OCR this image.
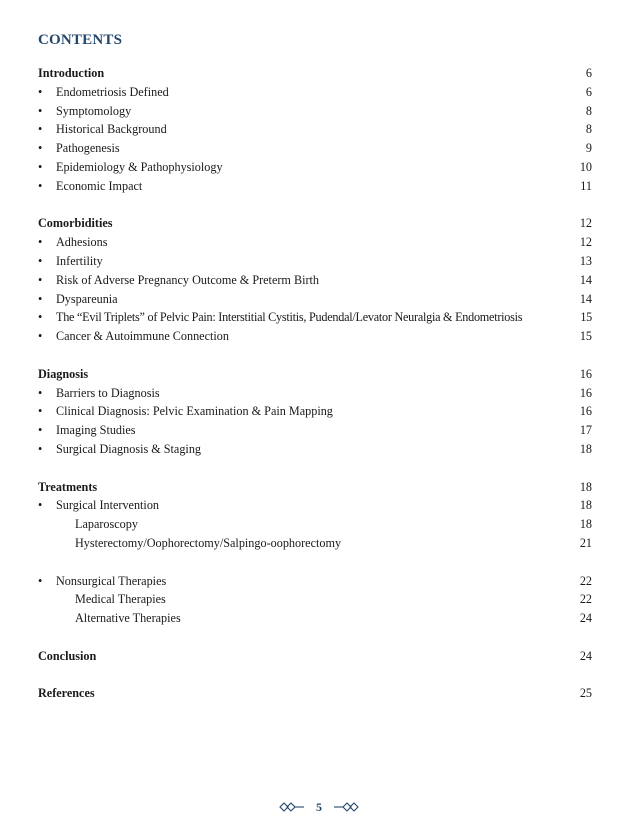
CONTENTS
Introduction	6
• Endometriosis Defined	6
• Symptomology	8
• Historical Background	8
• Pathogenesis	9
• Epidemiology & Pathophysiology	10
• Economic Impact	11
Comorbidities	12
• Adhesions	12
• Infertility	13
• Risk of Adverse Pregnancy Outcome & Preterm Birth	14
• Dyspareunia	14
• The “Evil Triplets” of Pelvic Pain: Interstitial Cystitis, Pudendal/Levator Neuralgia & Endometriosis	15
• Cancer & Autoimmune Connection	15
Diagnosis	16
• Barriers to Diagnosis	16
• Clinical Diagnosis: Pelvic Examination & Pain Mapping	16
• Imaging Studies	17
• Surgical Diagnosis & Staging	18
Treatments	18
• Surgical Intervention	18
Laparoscopy	18
Hysterectomy/Oophorectomy/Salpingo-oophorectomy	21
• Nonsurgical Therapies	22
Medical Therapies	22
Alternative Therapies	24
Conclusion	24
References	25
5
